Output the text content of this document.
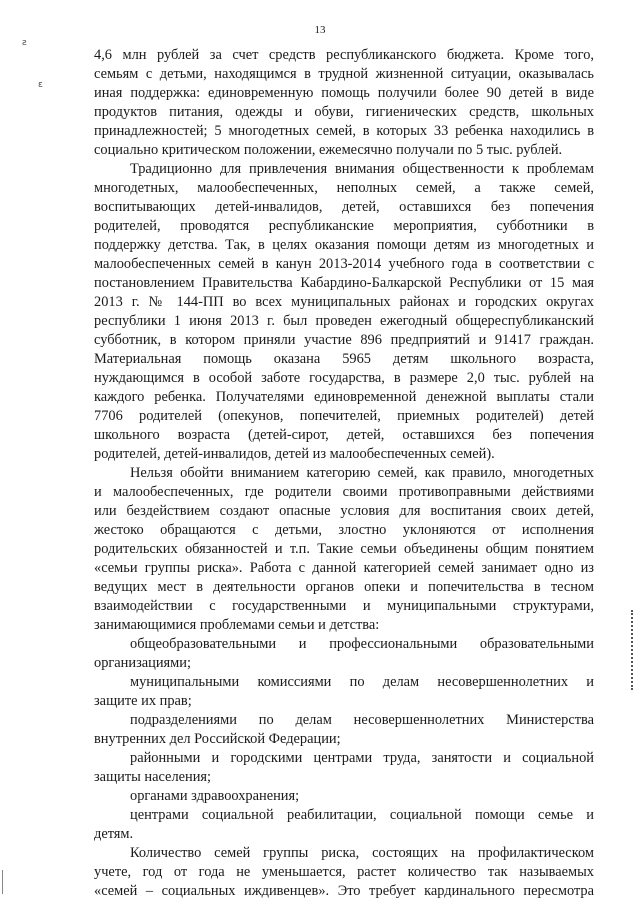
13
ƨ
ɛ
4,6 млн рублей за счет средств республиканского бюджета. Кроме того,
семьям с детьми, находящимся в трудной жизненной ситуации, оказывалась
иная поддержка: единовременную помощь получили более 90 детей в виде
продуктов питания, одежды и обуви, гигиенических средств, школьных
принадлежностей; 5 многодетных семей, в которых 33 ребенка находились в
социально критическом положении, ежемесячно получали по 5 тыс. рублей.
Традиционно для привлечения внимания общественности к проблемам
многодетных, малообеспеченных, неполных семей, а также семей,
воспитывающих детей-инвалидов, детей, оставшихся без попечения
родителей, проводятся республиканские мероприятия, субботники в
поддержку детства. Так, в целях оказания помощи детям из многодетных и
малообеспеченных семей в канун 2013-2014 учебного года в соответствии с
постановлением Правительства Кабардино-Балкарской Республики от 15 мая
2013 г. № 144-ПП во всех муниципальных районах и городских округах
республики 1 июня 2013 г. был проведен ежегодный общереспубликанский
субботник, в котором приняли участие 896 предприятий и 91417 граждан.
Материальная помощь оказана 5965 детям школьного возраста,
нуждающимся в особой заботе государства, в размере 2,0 тыс. рублей на
каждого ребенка. Получателями единовременной денежной выплаты стали
7706 родителей (опекунов, попечителей, приемных родителей) детей
школьного возраста (детей-сирот, детей, оставшихся без попечения
родителей, детей-инвалидов, детей из малообеспеченных семей).
Нельзя обойти вниманием категорию семей, как правило, многодетных
и малообеспеченных, где родители своими противоправными действиями
или бездействием создают опасные условия для воспитания своих детей,
жестоко обращаются с детьми, злостно уклоняются от исполнения
родительских обязанностей и т.п. Такие семьи объединены общим понятием
«семьи группы риска». Работа с данной категорией семей занимает одно из
ведущих мест в деятельности органов опеки и попечительства в тесном
взаимодействии с государственными и муниципальными структурами,
занимающимися проблемами семьи и детства:
общеобразовательными и профессиональными образовательными
организациями;
муниципальными комиссиями по делам несовершеннолетних и
защите их прав;
подразделениями по делам несовершеннолетних Министерства
внутренних дел Российской Федерации;
районными и городскими центрами труда, занятости и социальной
защиты населения;
органами здравоохранения;
центрами социальной реабилитации, социальной помощи семье и
детям.
Количество семей группы риска, состоящих на профилактическом
учете, год от года не уменьшается, растет количество так называемых
«семей – социальных иждивенцев». Это требует кардинального пересмотра
